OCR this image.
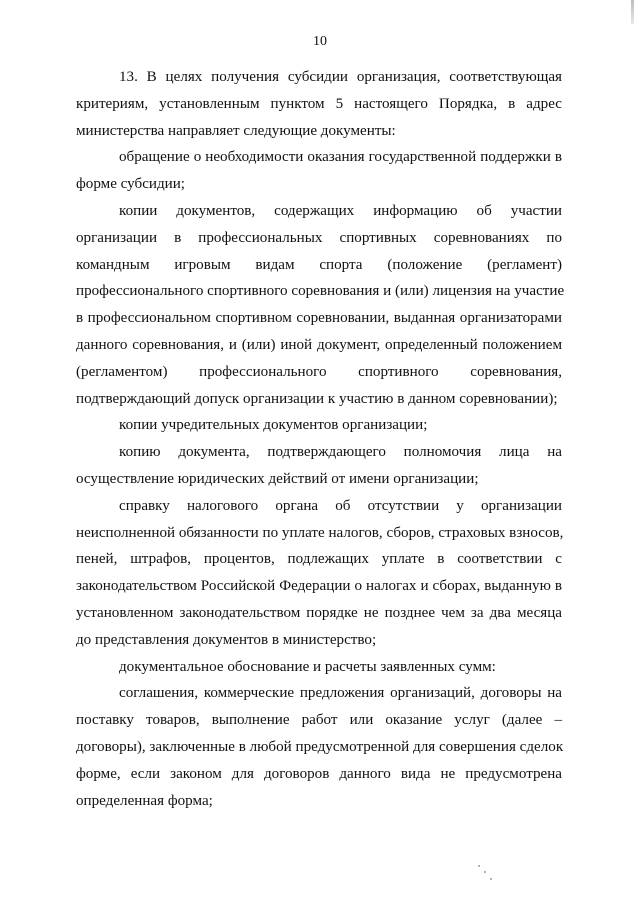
10
13. В целях получения субсидии организация, соответствующая
критериям, установленным пунктом 5 настоящего Порядка, в адрес
министерства направляет следующие документы:
обращение о необходимости оказания государственной поддержки в
форме субсидии;
копии документов, содержащих информацию об участии
организации в профессиональных спортивных соревнованиях по
командным игровым видам спорта (положение (регламент)
профессионального спортивного соревнования и (или) лицензия на участие
в профессиональном спортивном соревновании, выданная организаторами
данного соревнования, и (или) иной документ, определенный положением
(регламентом) профессионального спортивного соревнования,
подтверждающий допуск организации к участию в данном соревновании);
копии учредительных документов организации;
копию документа, подтверждающего полномочия лица на
осуществление юридических действий от имени организации;
справку налогового органа об отсутствии у организации
неисполненной обязанности по уплате налогов, сборов, страховых взносов,
пеней, штрафов, процентов, подлежащих уплате в соответствии с
законодательством Российской Федерации о налогах и сборах, выданную в
установленном законодательством порядке не позднее чем за два месяца
до представления документов в министерство;
документальное обоснование и расчеты заявленных сумм:
соглашения, коммерческие предложения организаций, договоры на
поставку товаров, выполнение работ или оказание услуг (далее –
договоры), заключенные в любой предусмотренной для совершения сделок
форме, если законом для договоров данного вида не предусмотрена
определенная форма;
